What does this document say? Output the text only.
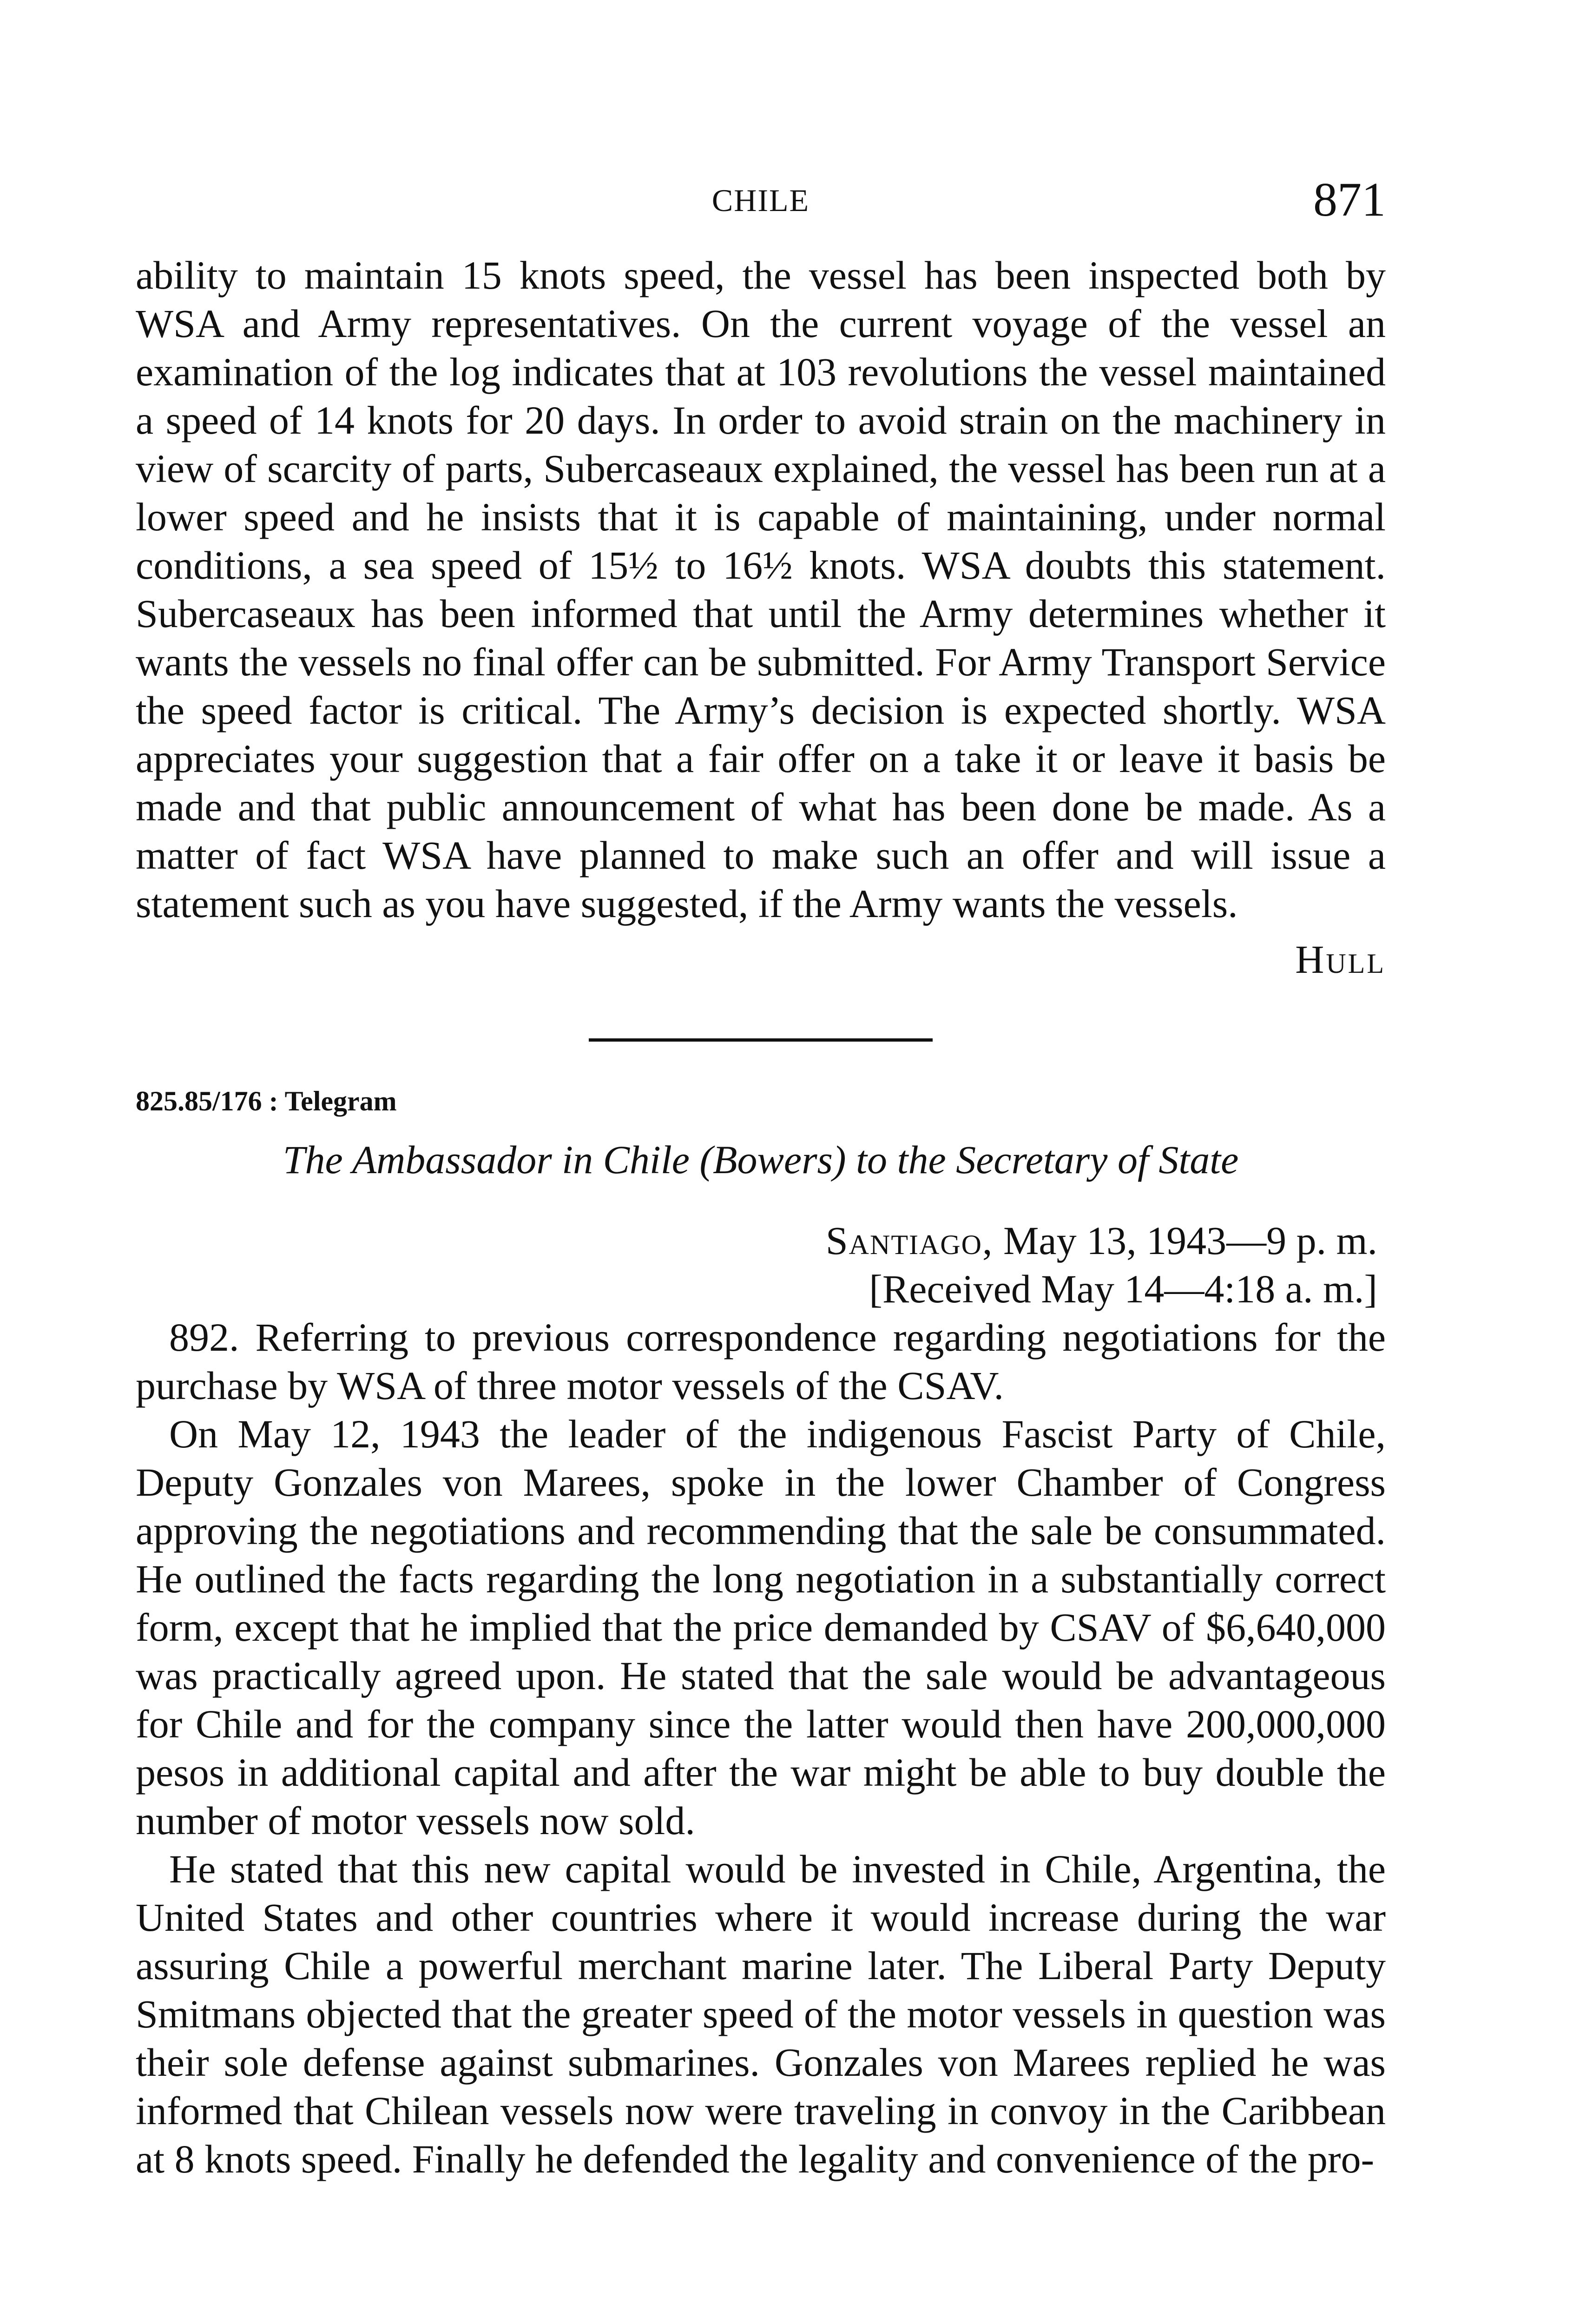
CHILE	871

ability to maintain 15 knots speed, the vessel has been inspected both by WSA and Army representatives. On the current voyage of the vessel an examination of the log indicates that at 103 revolutions the vessel maintained a speed of 14 knots for 20 days. In order to avoid strain on the machinery in view of scarcity of parts, Subercaseaux explained, the vessel has been run at a lower speed and he insists that it is capable of maintaining, under normal conditions, a sea speed of 15½ to 16½ knots. WSA doubts this statement. Subercaseaux has been informed that until the Army determines whether it wants the vessels no final offer can be submitted. For Army Transport Service the speed factor is critical. The Army’s decision is expected shortly. WSA appreciates your suggestion that a fair offer on a take it or leave it basis be made and that public announcement of what has been done be made. As a matter of fact WSA have planned to make such an offer and will issue a statement such as you have suggested, if the Army wants the vessels.

Hull
825.85/176 : Telegram
The Ambassador in Chile (Bowers) to the Secretary of State
Santiago, May 13, 1943—9 p. m.
[Received May 14—4:18 a. m.]

892. Referring to previous correspondence regarding negotiations for the purchase by WSA of three motor vessels of the CSAV.

On May 12, 1943 the leader of the indigenous Fascist Party of Chile, Deputy Gonzales von Marees, spoke in the lower Chamber of Congress approving the negotiations and recommending that the sale be consummated. He outlined the facts regarding the long negotiation in a substantially correct form, except that he implied that the price demanded by CSAV of $6,640,000 was practically agreed upon. He stated that the sale would be advantageous for Chile and for the company since the latter would then have 200,000,000 pesos in additional capital and after the war might be able to buy double the number of motor vessels now sold.

He stated that this new capital would be invested in Chile, Argentina, the United States and other countries where it would increase during the war assuring Chile a powerful merchant marine later. The Liberal Party Deputy Smitmans objected that the greater speed of the motor vessels in question was their sole defense against submarines. Gonzales von Marees replied he was informed that Chilean vessels now were traveling in convoy in the Caribbean at 8 knots speed. Finally he defended the legality and convenience of the pro-
